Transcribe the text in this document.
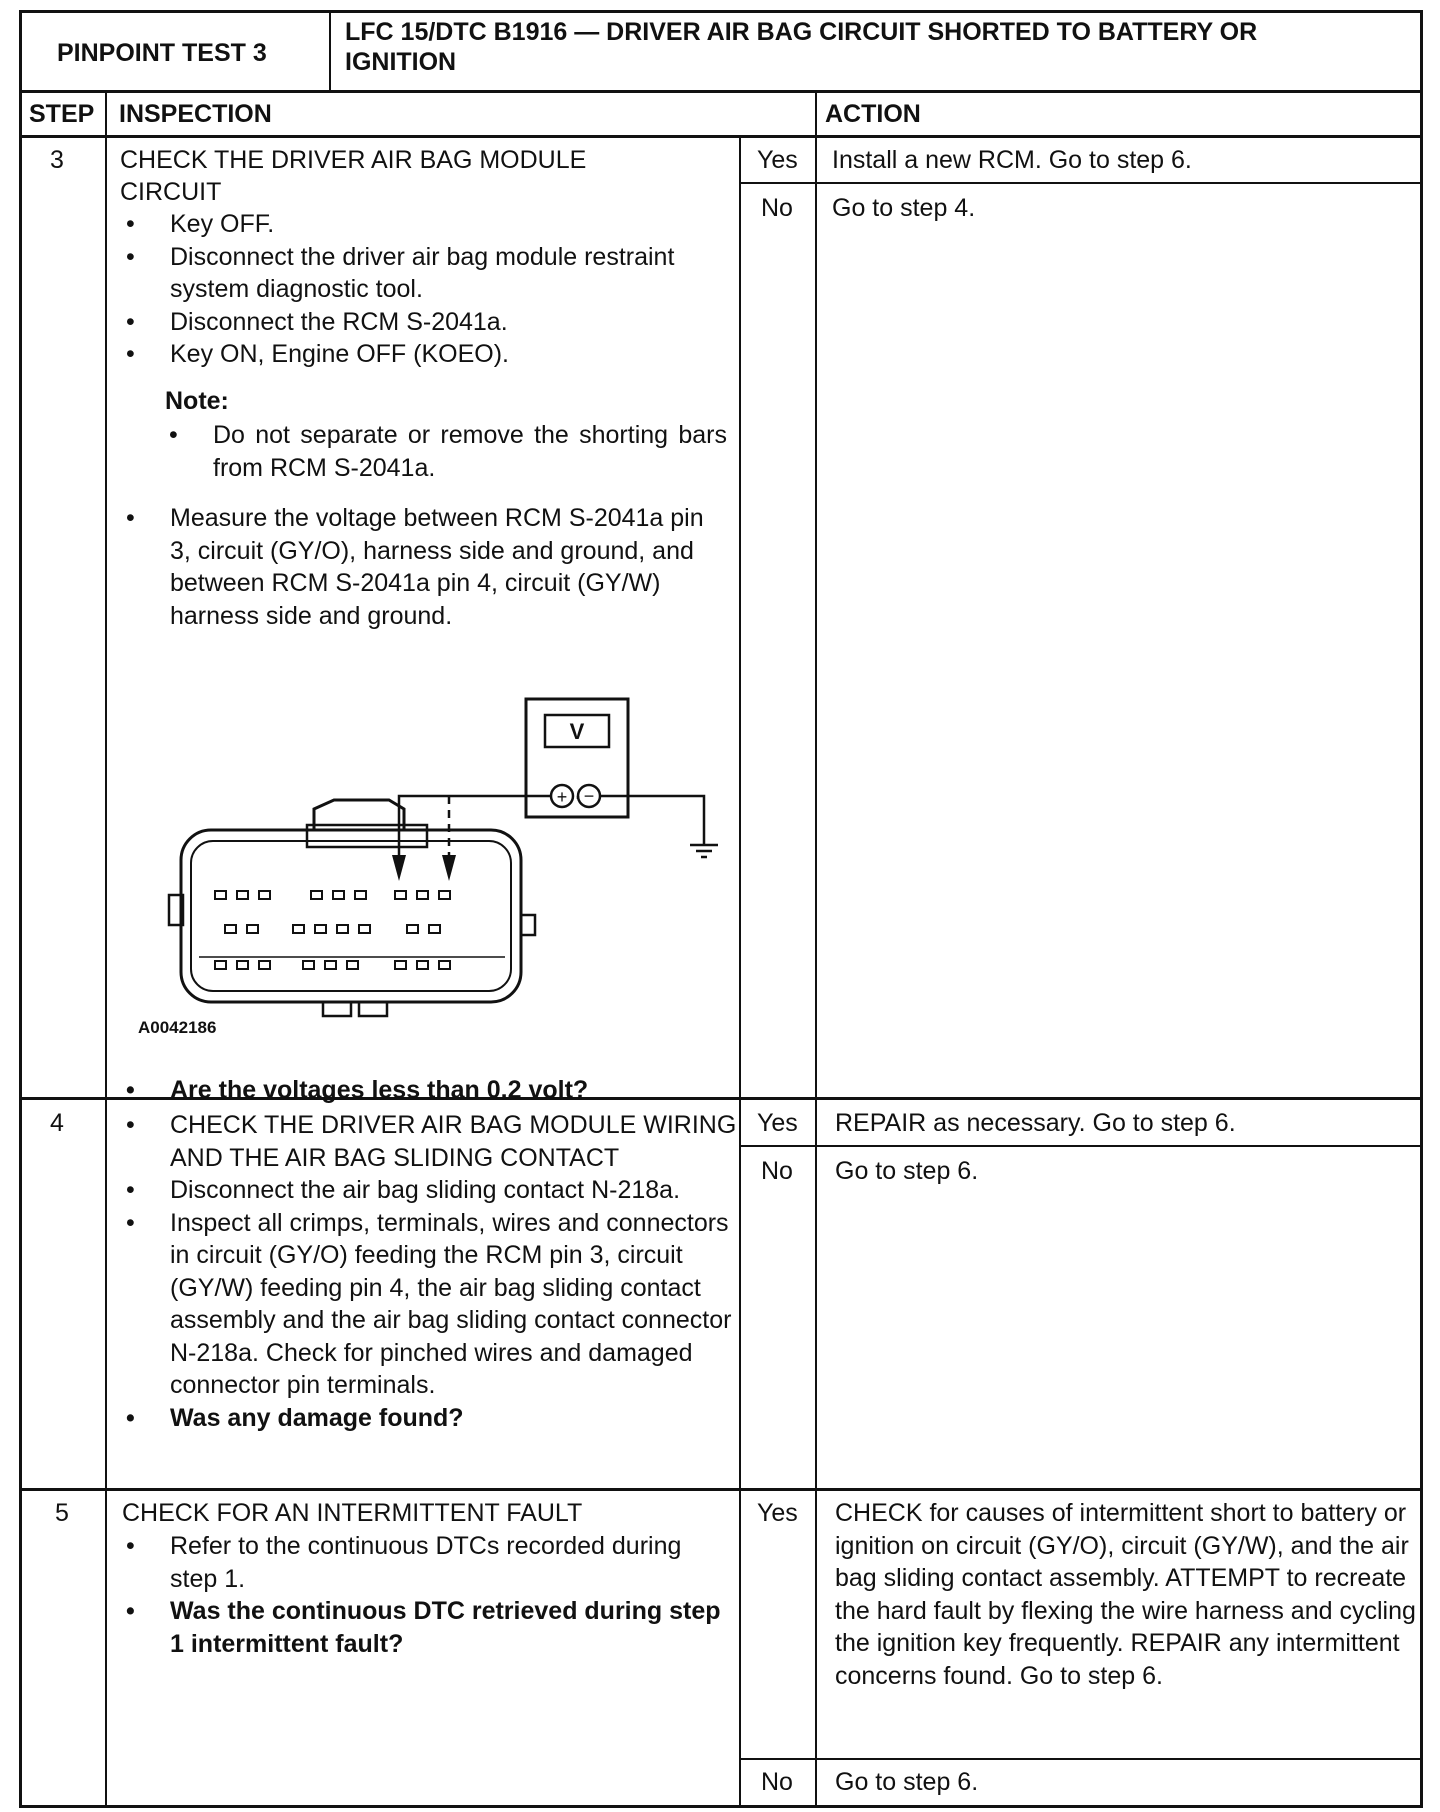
PINPOINT TEST 3
LFC 15/DTC B1916 — DRIVER AIR BAG CIRCUIT SHORTED TO BATTERY OR
IGNITION
STEP INSPECTION	ACTION
3 CHECK THE DRIVER AIR BAG MODULE
CIRCUIT
• Key OFF.
• Disconnect the driver air bag module restraint system diagnostic tool.
• Disconnect the RCM S-2041a.
• Key ON, Engine OFF (KOEO).
Note:
• Do not separate or remove the shorting bars from RCM S-2041a.
• Measure the voltage between RCM S-2041a pin 3, circuit (GY/O), harness side and ground, and between RCM S-2041a pin 4, circuit (GY/W) harness side and ground.
V
+ −
A0042186
• Are the voltages less than 0.2 volt?
Yes Install a new RCM. Go to step 6.
No Go to step 4.
4
•	CHECK THE DRIVER AIR BAG MODULE WIRING AND THE AIR BAG SLIDING CONTACT
• Disconnect the air bag sliding contact N-218a.
• Inspect all crimps, terminals, wires and connectors in circuit (GY/O) feeding the RCM pin 3, circuit (GY/W) feeding pin 4, the air bag sliding contact assembly and the air bag sliding contact connector N-218a. Check for pinched wires and damaged connector pin terminals.
• Was any damage found?
Yes REPAIR as necessary. Go to step 6.
No Go to step 6.
5 CHECK FOR AN INTERMITTENT FAULT
• Refer to the continuous DTCs recorded during step 1.
• Was the continuous DTC retrieved during step 1 intermittent fault?
Yes CHECK for causes of intermittent short to battery or ignition on circuit (GY/O), circuit (GY/W), and the air bag sliding contact assembly. ATTEMPT to recreate the hard fault by flexing the wire harness and cycling the ignition key frequently. REPAIR any intermittent concerns found. Go to step 6.
No Go to step 6.
